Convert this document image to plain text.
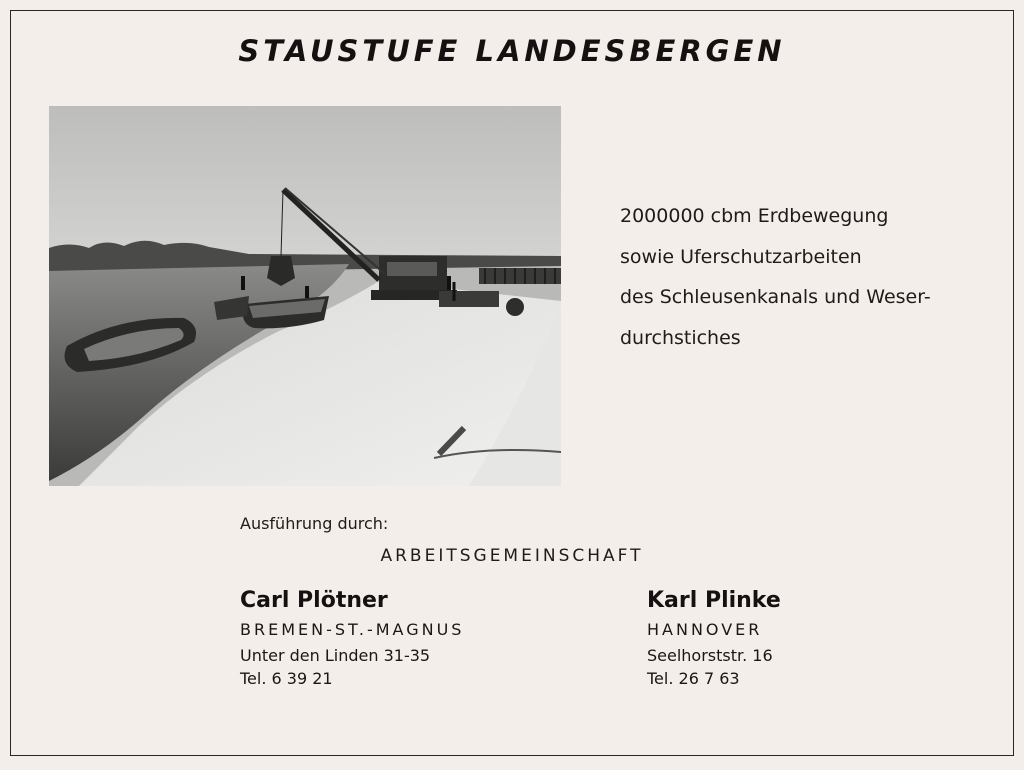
STAUSTUFE LANDESBERGEN
2000000 cbm Erdbewegung
sowie Uferschutzarbeiten
des Schleusenkanals und Weser-
durchstiches
Ausführung durch:
ARBEITSGEMEINSCHAFT
Carl Plötner
BREMEN-ST.-MAGNUS
Unter den Linden 31-35
Tel. 6 39 21
Karl Plinke
HANNOVER
Seelhorststr. 16
Tel. 26 7 63
